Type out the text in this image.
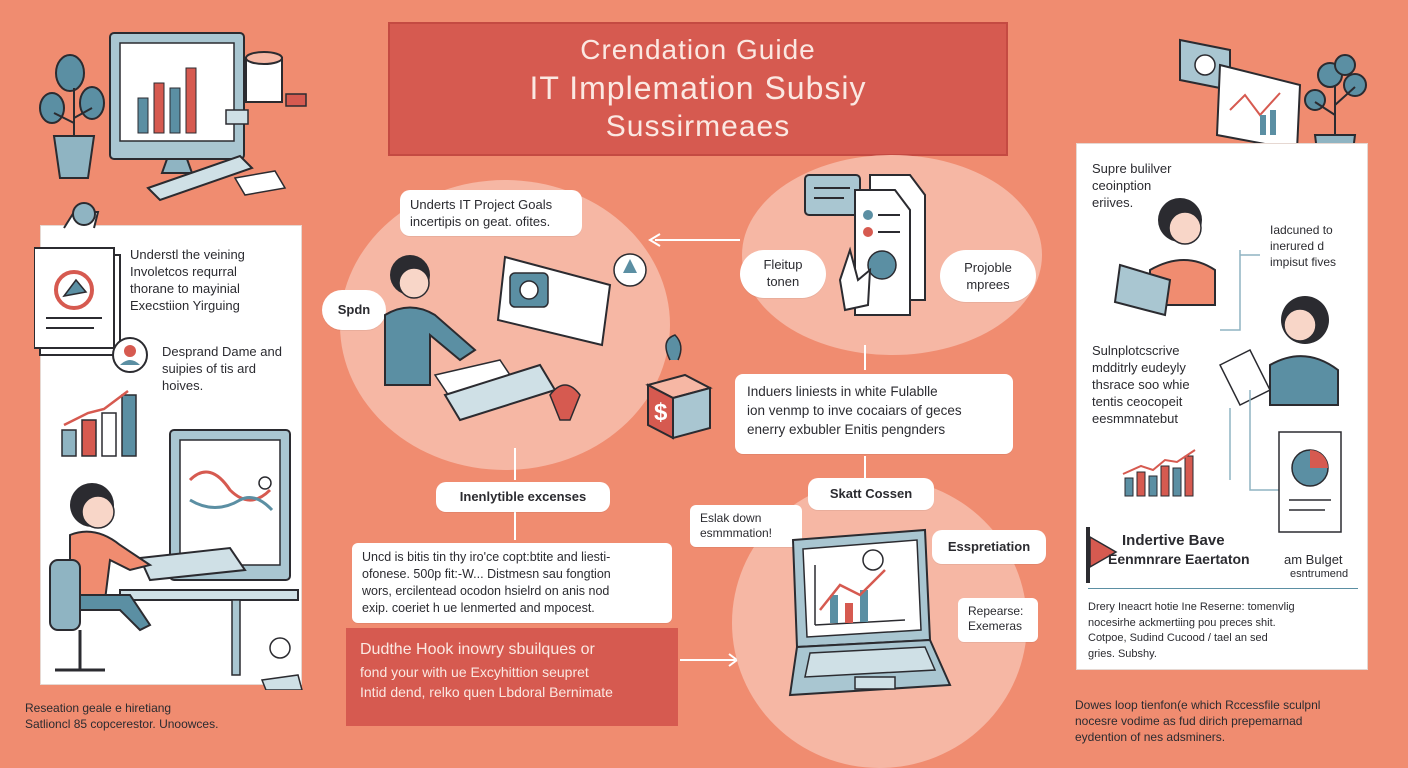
Crendation Guide
IT Implemation Subsiy
Sussirmeaes
Understl the veining
Involetcos requrral
thorane to mayinial
Execstiion Yirguing
Desprand Dame and
suipies of tis ard
hoives.
Reseation geale e hiretiang
Satlioncl 85 copcerestor. Unoowces.
Underts IT Project Goals
incertipis on geat. ofites.
Spdn
$
Fleitup
tonen
Projoble
mprees
Induers liniests in white Fulablle
ion venmp to inve cocaiars of geces
enerry exbubler Enitis pengnders
Inenlytible excenses	Skatt Cossen
Eslak down
esmmmation!
Esspretiation
Repearse:
Exemeras
Uncd is bitis tin thy iro'ce copt:btite and liesti-
ofonese. 500p fit:-W... Distmesn sau fongtion
wors, ercilentead ocodon hsielrd on anis nod
exip. coeriet h ue lenmerted and mpocest.
Dudthe Hook inowry sbuilques or
fond your with ue Excyhittion seupret
Intid dend, relko quen Lbdoral Bernimate
Supre bulilver
ceoinption
eriives.
Iadcuned to
inerured d
impisut fives
Sulnplotcscrive
mdditrly eudeyly
thsrace soo whie
tentis ceocopeit
eesmmnatebut
Indertive Bave
Eenmnrare Eaertaton	am Bulget
esntrumend
Drery Ineacrt hotie Ine Reserne: tomenvlig
nocesirhe ackmertiing pou preces shit.
Cotpoe, Sudind Cucood / tael an sed
gries. Subshy.
Dowes loop tienfon(e which Rccessfile sculpnl
nocesre vodime as fud dirich prepemarnad
eydention of nes adsminers.
